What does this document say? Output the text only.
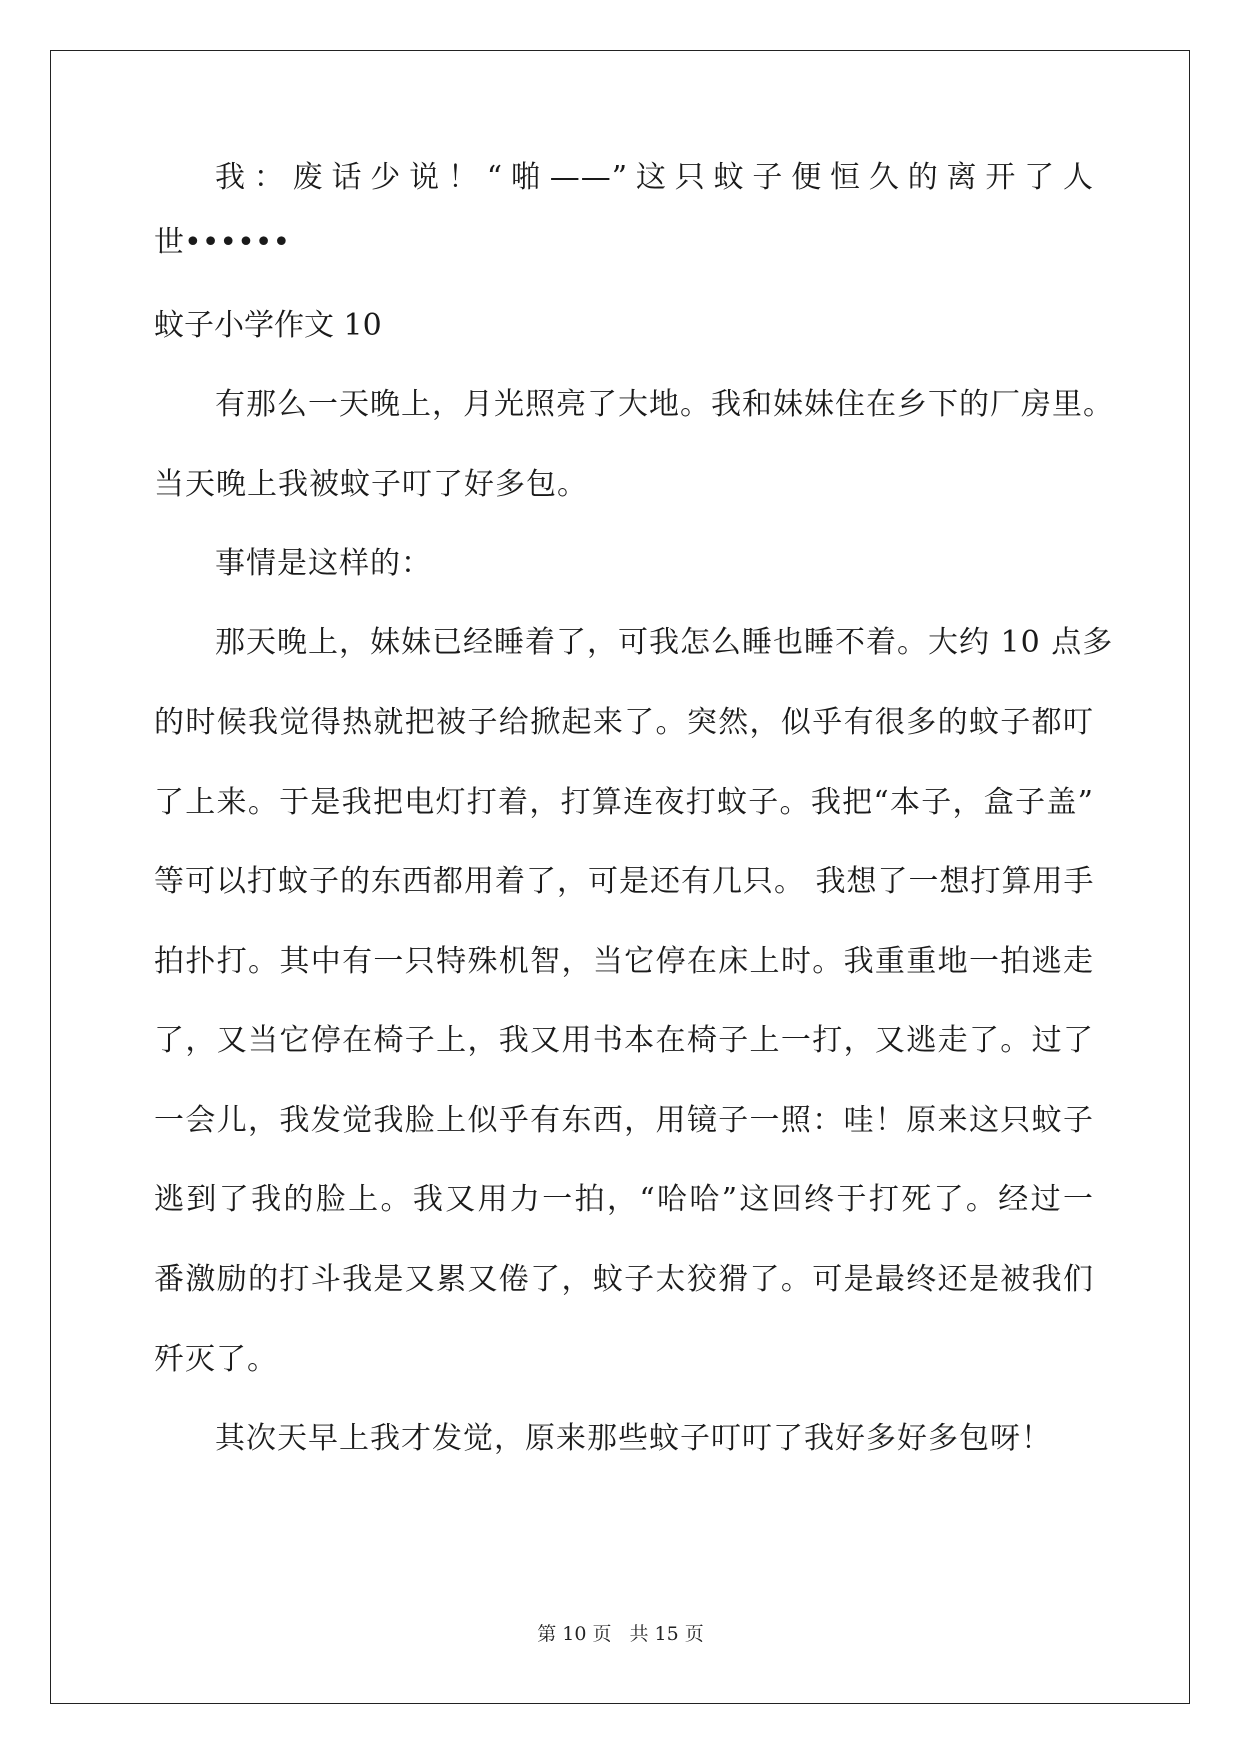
我：废话少说！“啪——”这只蚊子便恒久的离开了人
世••••••
蚊子小学作文 10
有那么一天晚上，月光照亮了大地。我和妹妹住在乡下的厂房里。
当天晚上我被蚊子叮了好多包。
事情是这样的：
那天晚上，妹妹已经睡着了，可我怎么睡也睡不着。大约 10 点多
的时候我觉得热就把被子给掀起来了。突然，似乎有很多的蚊子都叮
了上来。于是我把电灯打着，打算连夜打蚊子。我把“本子，盒子盖”
等可以打蚊子的东西都用着了，可是还有几只。 我想了一想打算用手
拍扑打。其中有一只特殊机智，当它停在床上时。我重重地一拍逃走
了，又当它停在椅子上，我又用书本在椅子上一打，又逃走了。过了
一会儿，我发觉我脸上似乎有东西，用镜子一照：哇！原来这只蚊子
逃到了我的脸上。我又用力一拍，“哈哈”这回终于打死了。经过一
番激励的打斗我是又累又倦了，蚊子太狡猾了。可是最终还是被我们
歼灭了。
其次天早上我才发觉，原来那些蚊子叮叮了我好多好多包呀！
第 10 页 共 15 页
